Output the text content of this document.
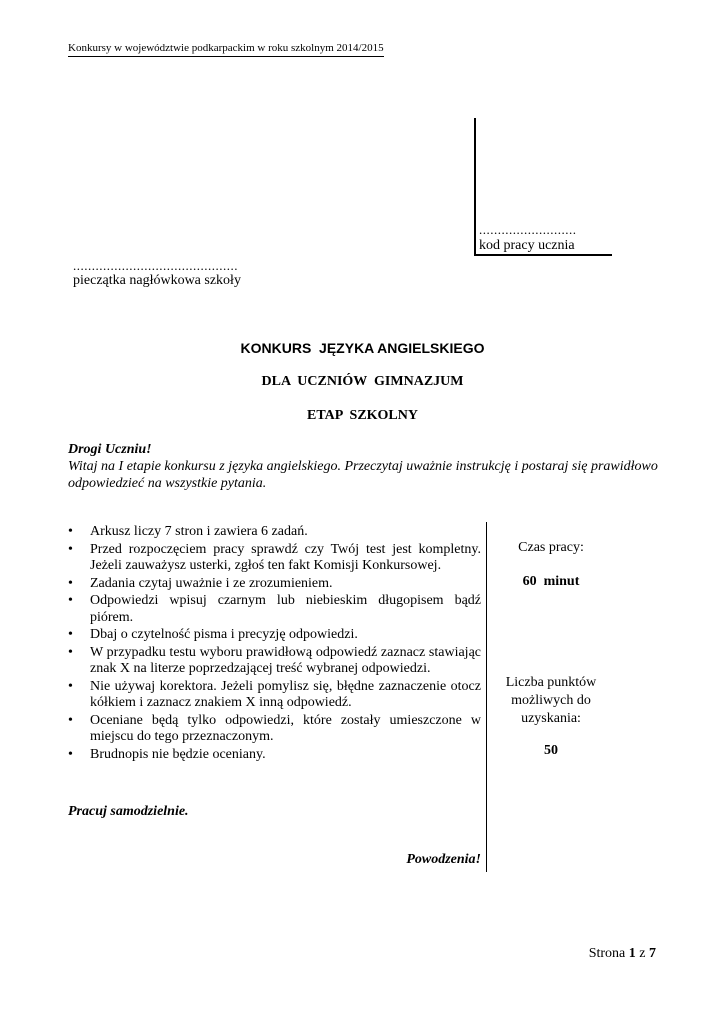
Konkursy w województwie podkarpackim w roku szkolnym 2014/2015
..........................
kod pracy ucznia
............................................
pieczątka nagłówkowa szkoły
KONKURS  JĘZYKA ANGIELSKIEGO
DLA  UCZNIÓW  GIMNAZJUM
ETAP  SZKOLNY
Drogi Uczniu!
Witaj na I etapie konkursu z języka angielskiego. Przeczytaj uważnie instrukcję i postaraj się prawidłowo odpowiedzieć na wszystkie pytania.
• Arkusz liczy 7 stron i zawiera 6 zadań.
• Przed rozpoczęciem pracy sprawdź czy Twój test jest kompletny. Jeżeli zauważysz usterki, zgłoś ten fakt Komisji Konkursowej.
• Zadania czytaj uważnie i ze zrozumieniem.
• Odpowiedzi wpisuj czarnym lub niebieskim długopisem bądź piórem.
• Dbaj o czytelność pisma i precyzję odpowiedzi.
• W przypadku testu wyboru prawidłową odpowiedź zaznacz stawiając znak X na literze poprzedzającej treść wybranej odpowiedzi.
• Nie używaj korektora. Jeżeli pomylisz się, błędne zaznaczenie otocz kółkiem i zaznacz znakiem X inną odpowiedź.
• Oceniane będą tylko odpowiedzi, które zostały umieszczone w miejscu do tego przeznaczonym.
• Brudnopis nie będzie oceniany.
Czas pracy:
60  minut
Liczba punktów możliwych do uzyskania:
50
Pracuj samodzielnie.
Powodzenia!
Strona 1 z 7
